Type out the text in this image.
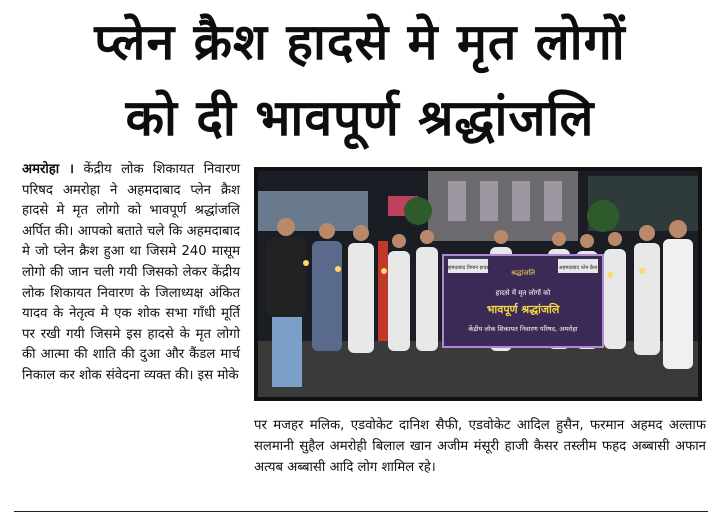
प्लेन क्रैश हादसे मे मृत लोगों
को दी भावपूर्ण श्रद्धांजलि
अमरोहा । केंद्रीय लोक शिकायत निवारण परिषद अमरोहा ने अहमदाबाद प्लेन क्रैश हादसे मे मृत लोगो को भावपूर्ण श्रद्धांजलि अर्पित की। आपको बताते चले कि अहमदाबाद मे जो प्लेन क्रैश हुआ था जिसमे 240 मासूम लोगो की जान चली गयी जिसको लेकर केंद्रीय लोक शिकायत निवारण के जिलाध्यक्ष अंकित यादव के नेतृत्व मे एक शोक सभा गाँधी मूर्ति पर रखी गयी जिसमे इस हादसे के मृत लोगो की आत्मा की शाति की दुआ और कैंडल मार्च निकाल कर शोक संवेदना व्यक्त की। इस मोके
अहमदाबाद विमान हादसा	अहमदाबाद प्लेन क्रैश
श्रद्धांजलि
हादसे में मृत लोगों को
भावपूर्ण श्रद्धांजलि
केंद्रीय लोक शिकायत निवारण परिषद, अमरोहा
पर मजहर मलिक, एडवोकेट दानिश सैफी, एडवोकेट आदिल हुसैन, फरमान अहमद अल्ताफ सलमानी सुहैल अमरोही बिलाल खान अजीम मंसूरी हाजी कैसर तस्लीम फहद अब्बासी अफान अत्यब अब्बासी आदि लोग शामिल रहे।
